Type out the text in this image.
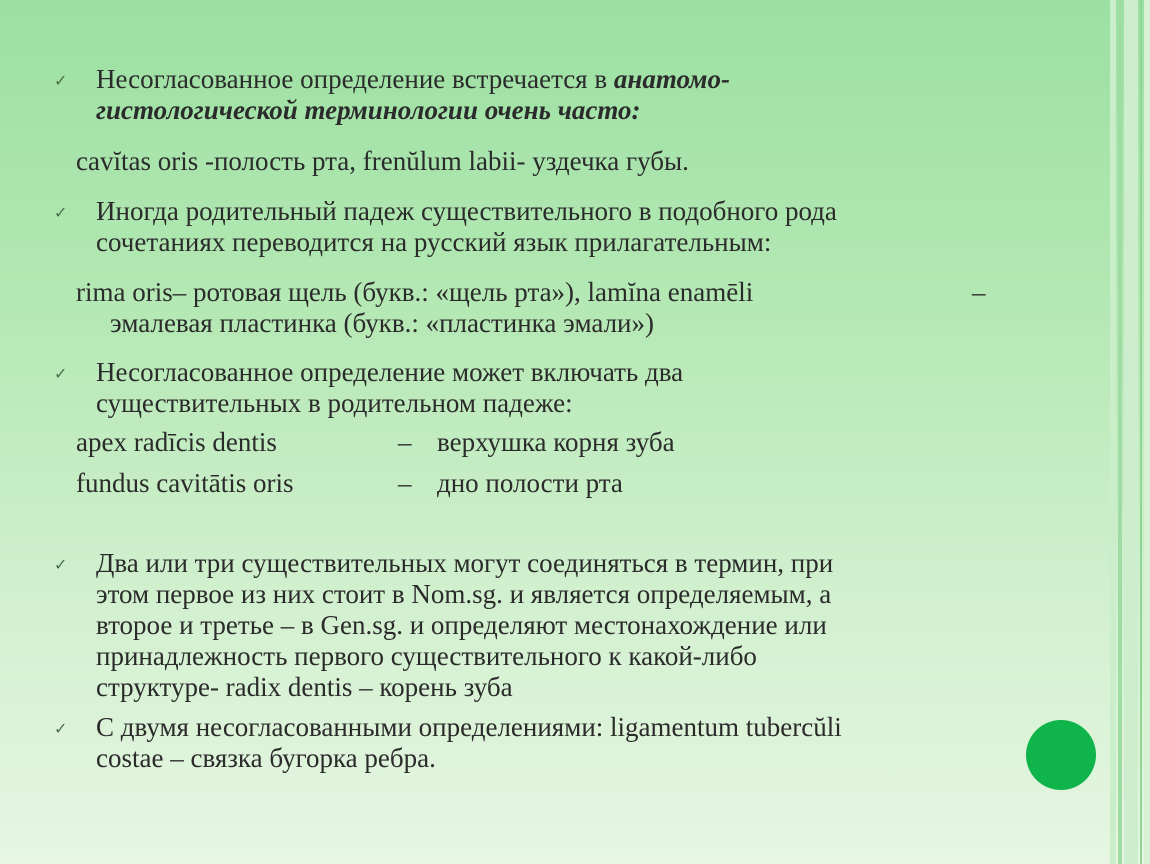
✓ Несогласованное определение встречается в анатомо-
гистологической терминологии очень часто:
cavĭtas oris -полость рта, frenŭlum labii- уздечка губы.
✓ Иногда родительный падеж существительного в подобного рода
сочетаниях переводится на русский язык прилагательным:
rima oris– ротовая щель (букв.: «щель рта»), lamĭna enamēli	–
эмалевая пластинка (букв.: «пластинка эмали»)
✓ Несогласованное определение может включать два
существительных в родительном падеже:
apex radīcis dentis	– верхушка корня зуба
fundus cavitātis oris	– дно полости рта
✓ Два или три существительных могут соединяться в термин, при
этом первое из них стоит в Nom.sg. и является определяемым, а
второе и третье – в Gen.sg. и определяют местонахождение или
принадлежность первого существительного к какой-либо
структуре- radix dentis – корень зуба
✓ С двумя несогласованными определениями: ligamentum tubercŭli
costae – связка бугорка ребра.
